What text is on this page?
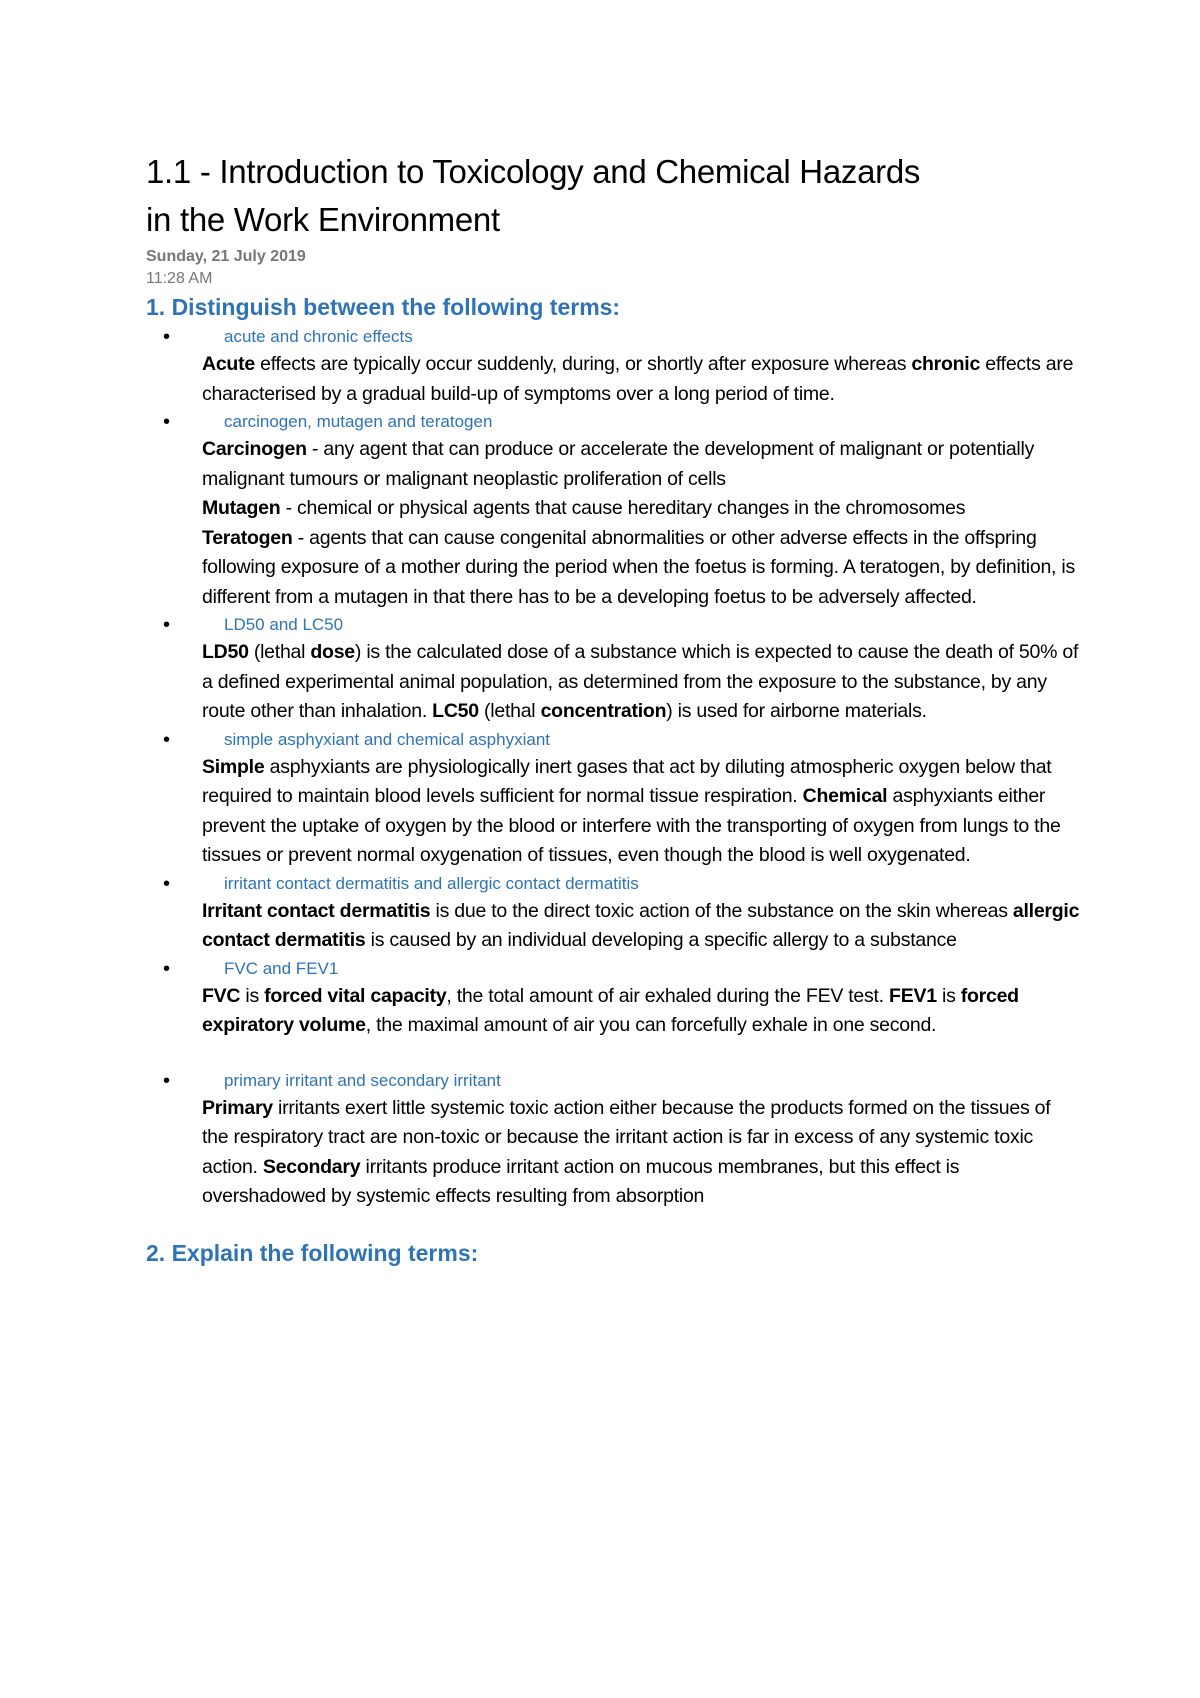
1.1 - Introduction to Toxicology and Chemical Hazards
in the Work Environment
Sunday, 21 July 2019
11:28 AM
1. Distinguish between the following terms:
•	acute and chronic effects

Acute effects are typically occur suddenly, during, or shortly after exposure whereas chronic effects are characterised by a gradual build-up of symptoms over a long period of time.

•	carcinogen, mutagen and teratogen

Carcinogen - any agent that can produce or accelerate the development of malignant or potentially malignant tumours or malignant neoplastic proliferation of cells

Mutagen - chemical or physical agents that cause hereditary changes in the chromosomes

Teratogen - agents that can cause congenital abnormalities or other adverse effects in the offspring following exposure of a mother during the period when the foetus is forming. A teratogen, by definition, is different from a mutagen in that there has to be a developing foetus to be adversely affected.

•	LD50 and LC50

LD50 (lethal dose) is the calculated dose of a substance which is expected to cause the death of 50% of a defined experimental animal population, as determined from the exposure to the substance, by any route other than inhalation. LC50 (lethal concentration) is used for airborne materials.

•	simple asphyxiant and chemical asphyxiant

Simple asphyxiants are physiologically inert gases that act by diluting atmospheric oxygen below that required to maintain blood levels sufficient for normal tissue respiration. Chemical asphyxiants either prevent the uptake of oxygen by the blood or interfere with the transporting of oxygen from lungs to the tissues or prevent normal oxygenation of tissues, even though the blood is well oxygenated.

•	irritant contact dermatitis and allergic contact dermatitis

Irritant contact dermatitis is due to the direct toxic action of the substance on the skin whereas allergic contact dermatitis is caused by an individual developing a specific allergy to a substance

•	FVC and FEV1

FVC is forced vital capacity, the total amount of air exhaled during the FEV test. FEV1 is forced expiratory volume, the maximal amount of air you can forcefully exhale in one second.

•	primary irritant and secondary irritant

Primary irritants exert little systemic toxic action either because the products formed on the tissues of the respiratory tract are non-toxic or because the irritant action is far in excess of any systemic toxic action. Secondary irritants produce irritant action on mucous membranes, but this effect is overshadowed by systemic effects resulting from absorption

2. Explain the following terms:
